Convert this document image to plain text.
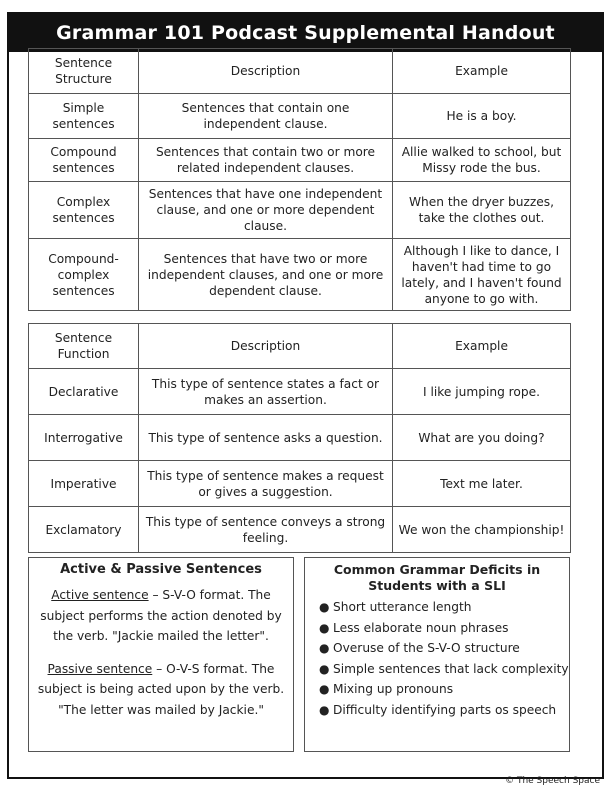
Grammar 101 Podcast Supplemental Handout
Sentence Structure	Description	Example
Simple sentences	Sentences that contain one independent clause.	He is a boy.
Compound sentences	Sentences that contain two or more related independent clauses.	Allie walked to school, but Missy rode the bus.
Complex sentences	Sentences that have one independent clause, and one or more dependent clause.	When the dryer buzzes, take the clothes out.
Compound-complex sentences	Sentences that have two or more independent clauses, and one or more dependent clause.	Although I like to dance, I haven't had time to go lately, and I haven't found anyone to go with.
Sentence Function	Description	Example
Declarative	This type of sentence states a fact or makes an assertion.	I like jumping rope.
Interrogative	This type of sentence asks a question.	What are you doing?
Imperative	This type of sentence makes a request or gives a suggestion.	Text me later.
Exclamatory	This type of sentence conveys a strong feeling.	We won the championship!
Active & Passive Sentences
Active sentence – S-V-O format. The subject performs the action denoted by the verb. "Jackie mailed the letter".
Passive sentence – O-V-S format. The subject is being acted upon by the verb. "The letter was mailed by Jackie."
Common Grammar Deficits in Students with a SLI
● Short utterance length
● Less elaborate noun phrases
● Overuse of the S-V-O structure
● Simple sentences that lack complexity
● Mixing up pronouns
● Difficulty identifying parts os speech
© The Speech Space
